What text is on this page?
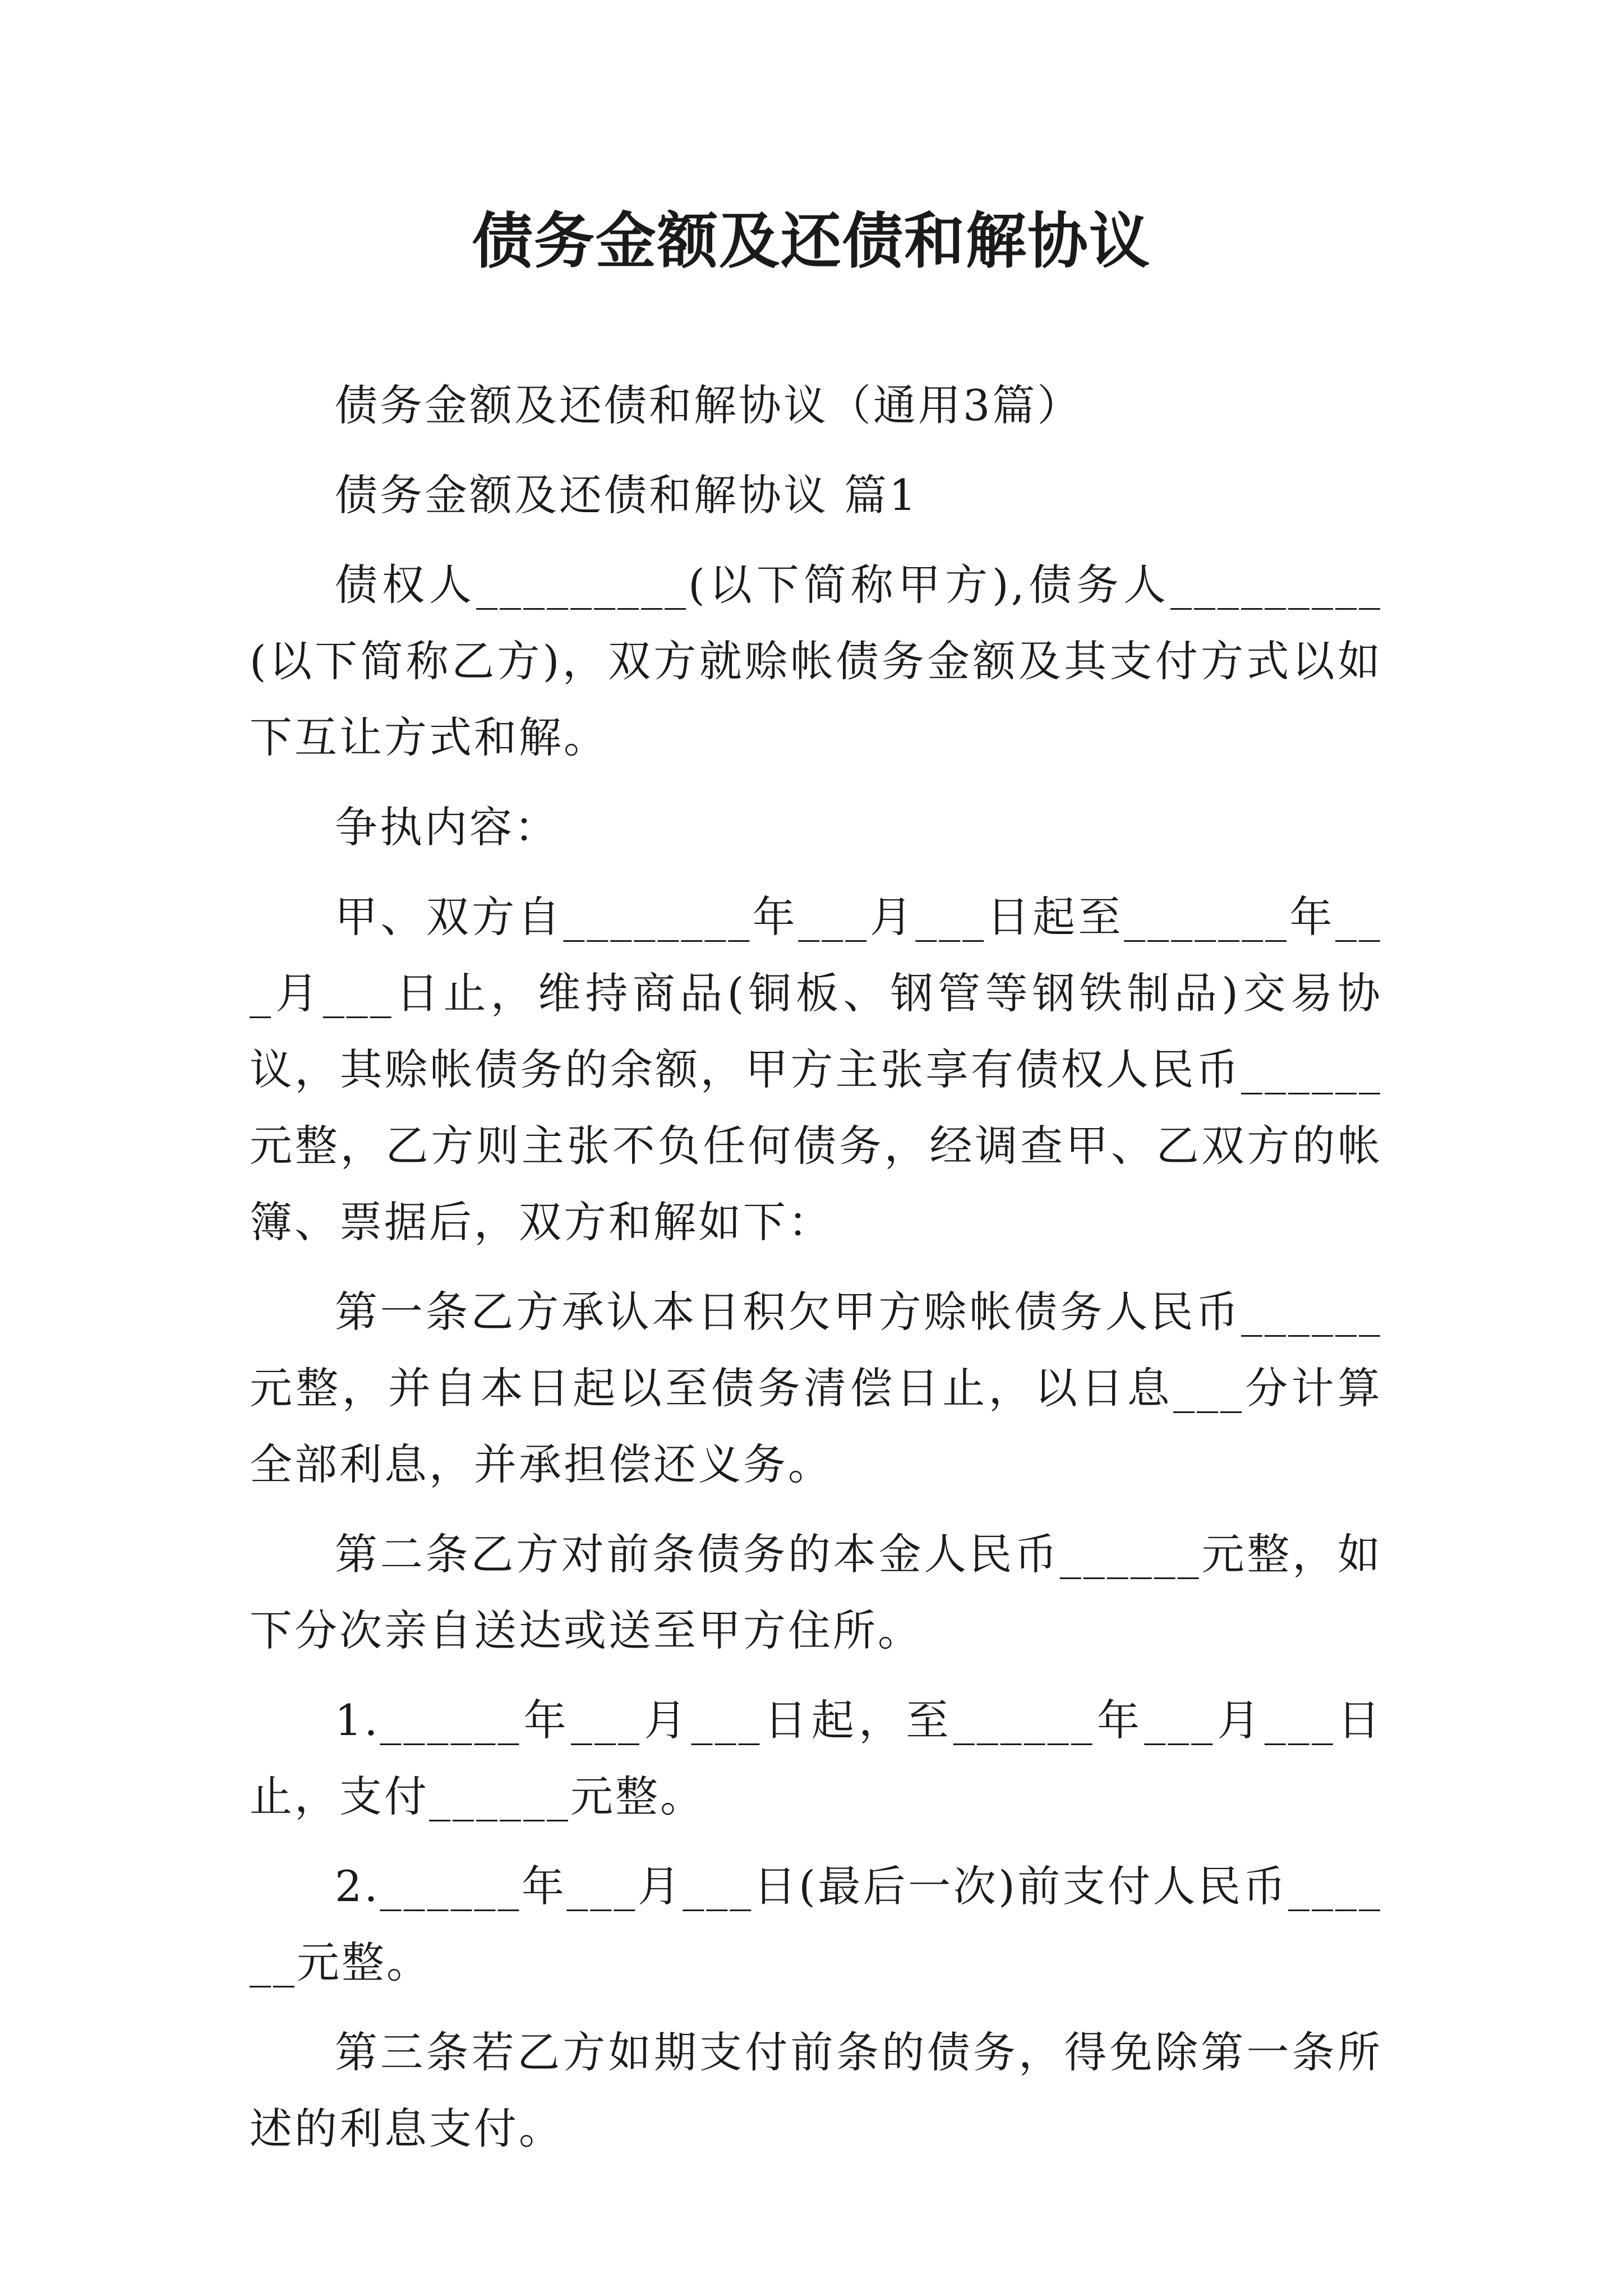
债务金额及还债和解协议

债务金额及还债和解协议（通用3篇）

债务金额及还债和解协议 篇1

债权人_________(以下简称甲方),债务人_________(以下简称乙方)，双方就赊帐债务金额及其支付方式以如下互让方式和解。

争执内容：

甲、双方自________年___月___日起至_______年___月___日止，维持商品(铜板、钢管等钢铁制品)交易协议，其赊帐债务的余额，甲方主张享有债权人民币______元整，乙方则主张不负任何债务，经调查甲、乙双方的帐簿、票据后，双方和解如下：

第一条乙方承认本日积欠甲方赊帐债务人民币______元整，并自本日起以至债务清偿日止，以日息___分计算全部利息，并承担偿还义务。

第二条乙方对前条债务的本金人民币______元整，如下分次亲自送达或送至甲方住所。

1.______年___月___日起，至______年___月___日止，支付______元整。

2.______年___月___日(最后一次)前支付人民币______元整。

第三条若乙方如期支付前条的债务，得免除第一条所述的利息支付。
